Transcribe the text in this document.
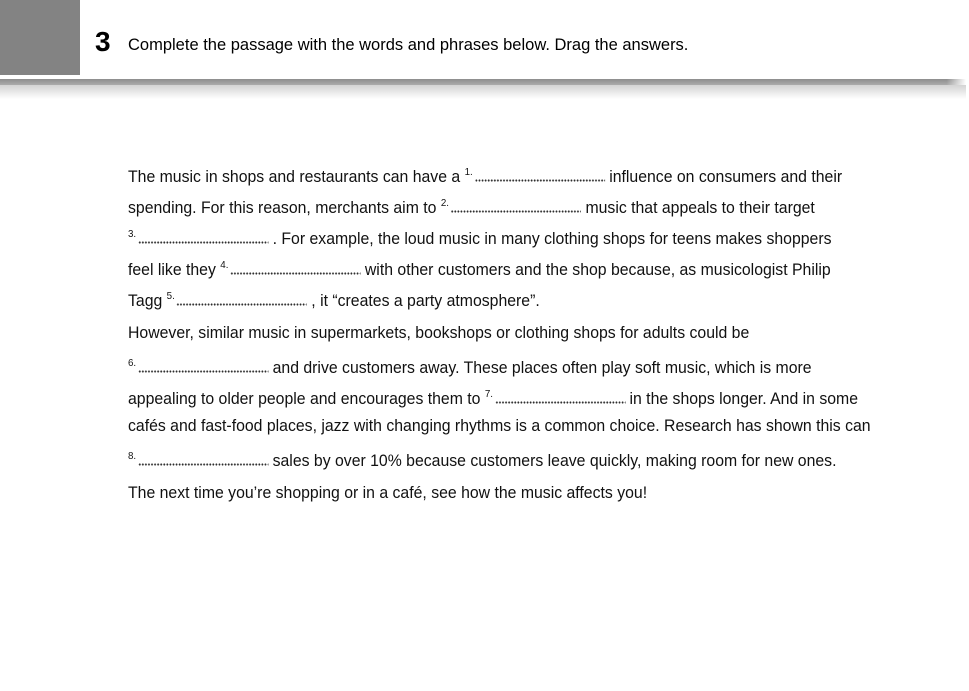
3 Complete the passage with the words and phrases below. Drag the answers.
The music in shops and restaurants can have a $^{1.}$	influence on consumers and their
spending. For this reason, merchants aim to $^{2.}$	music that appeals to their target
$^{3.}$	. For example, the loud music in many clothing shops for teens makes shoppers
feel like they $^{4.}$	with other customers and the shop because, as musicologist Philip
Tagg $^{5.}$	, it “creates a party atmosphere”.
However, similar music in supermarkets, bookshops or clothing shops for adults could be
$^{6.}$	and drive customers away. These places often play soft music, which is more
appealing to older people and encourages them to $^{7.}$	in the shops longer. And in some
cafés and fast-food places, jazz with changing rhythms is a common choice. Research has shown this can
$^{8.}$	sales by over 10% because customers leave quickly, making room for new ones.
The next time you’re shopping or in a café, see how the music affects you!
